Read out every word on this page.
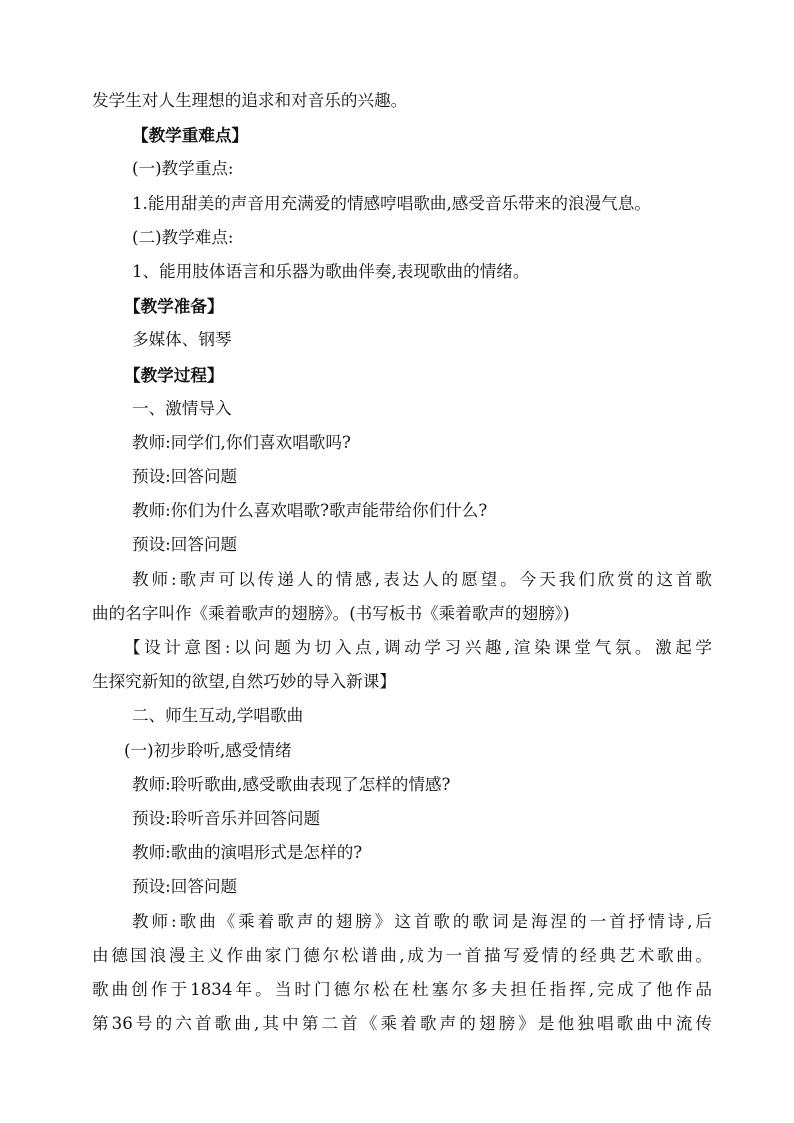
发学生对人生理想的追求和对音乐的兴趣。
【教学重难点】
(一)教学重点:
1.能用甜美的声音用充满爱的情感哼唱歌曲,感受音乐带来的浪漫气息。
(二)教学难点:
1、能用肢体语言和乐器为歌曲伴奏,表现歌曲的情绪。
【教学准备】
多媒体、钢琴
【教学过程】
一、激情导入
教师:同学们,你们喜欢唱歌吗?
预设:回答问题
教师:你们为什么喜欢唱歌?歌声能带给你们什么?
预设:回答问题
教师:歌声可以传递人的情感,表达人的愿望。今天我们欣赏的这首歌
曲的名字叫作《乘着歌声的翅膀》。(书写板书《乘着歌声的翅膀》)
【设计意图:以问题为切入点,调动学习兴趣,渲染课堂气氛。激起学
生探究新知的欲望,自然巧妙的导入新课】
二、师生互动,学唱歌曲
(一)初步聆听,感受情绪
教师:聆听歌曲,感受歌曲表现了怎样的情感?
预设:聆听音乐并回答问题
教师:歌曲的演唱形式是怎样的?
预设:回答问题
教师:歌曲《乘着歌声的翅膀》这首歌的歌词是海涅的一首抒情诗,后
由德国浪漫主义作曲家门德尔松谱曲,成为一首描写爱情的经典艺术歌曲。
歌曲创作于1834年。当时门德尔松在杜塞尔多夫担任指挥,完成了他作品
第36号的六首歌曲,其中第二首《乘着歌声的翅膀》是他独唱歌曲中流传
